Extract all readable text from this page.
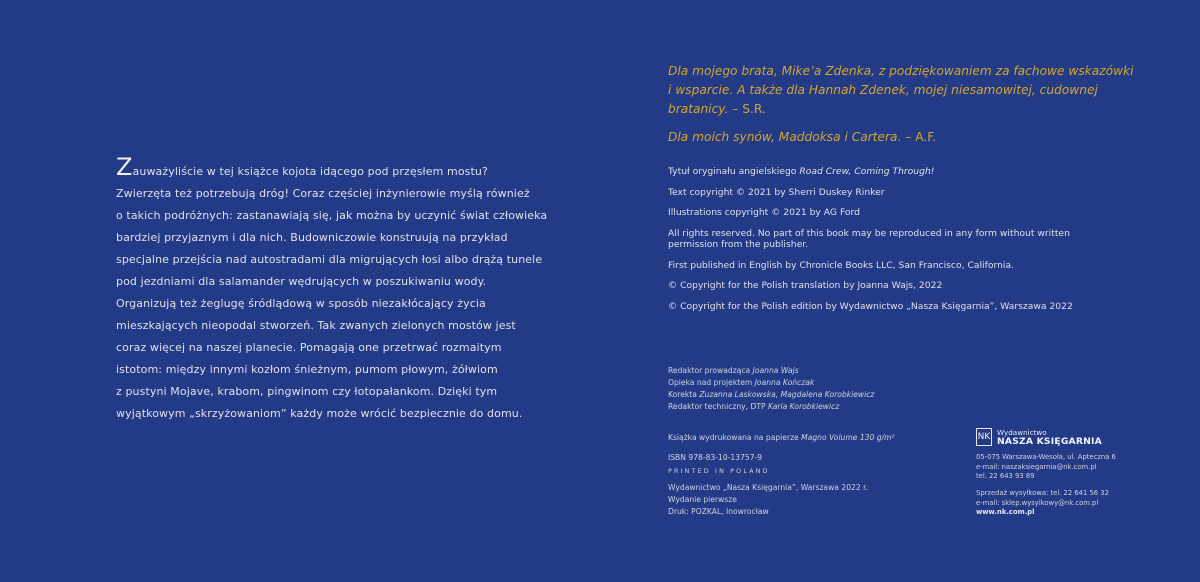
Zauważyliście w tej książce kojota idącego pod przęsłem mostu?
Zwierzęta też potrzebują dróg! Coraz częściej inżynierowie myślą również
o takich podróżnych: zastanawiają się, jak można by uczynić świat człowieka
bardziej przyjaznym i dla nich. Budowniczowie konstruują na przykład
specjalne przejścia nad autostradami dla migrujących łosi albo drążą tunele
pod jezdniami dla salamander wędrujących w poszukiwaniu wody.
Organizują też żeglugę śródlądową w sposób niezakłócający życia
mieszkających nieopodal stworzeń. Tak zwanych zielonych mostów jest
coraz więcej na naszej planecie. Pomagają one przetrwać rozmaitym
istotom: między innymi kozłom śnieżnym, pumom płowym, żółwiom
z pustyni Mojave, krabom, pingwinom czy łotopałankom. Dzięki tym
wyjątkowym „skrzyżowaniom” każdy może wrócić bezpiecznie do domu.

Dla mojego brata, Mike’a Zdenka, z podziękowaniem za fachowe wskazówki i wsparcie. A także dla Hannah Zdenek, mojej niesamowitej, cudownej bratanicy. – S.R.

Dla moich synów, Maddoksa i Cartera. – A.F.

Tytuł oryginału angielskiego Road Crew, Coming Through!

Text copyright © 2021 by Sherri Duskey Rinker

Illustrations copyright © 2021 by AG Ford

All rights reserved. No part of this book may be reproduced in any form without written permission from the publisher.

First published in English by Chronicle Books LLC, San Francisco, California.

© Copyright for the Polish translation by Joanna Wajs, 2022

© Copyright for the Polish edition by Wydawnictwo „Nasza Księgarnia”, Warszawa 2022

Redaktor prowadząca Joanna Wajs
Opieka nad projektem Joanna Kończak
Korekta Zuzanna Laskowska, Magdalena Korobkiewicz
Redaktor techniczny, DTP Karia Korobkiewicz
Książka wydrukowana na papierze Magno Volume 130 g/m²
ISBN 978-83-10-13757-9
PRINTED IN POLAND
Wydawnictwo „Nasza Księgarnia”, Warszawa 2022 r.
Wydanie pierwsze
Druk: POZKAL, Inowrocław
NK Wydawnictwo
NASZA KSIĘGARNIA
05-075 Warszawa-Wesoła, ul. Apteczna 6
e-mail: naszaksiegarnia@nk.com.pl
tel. 22 643 93 89
Sprzedaż wysyłkowa: tel. 22 641 56 32
e-mail: sklep.wysylkowy@nk.com.pl
www.nk.com.pl
